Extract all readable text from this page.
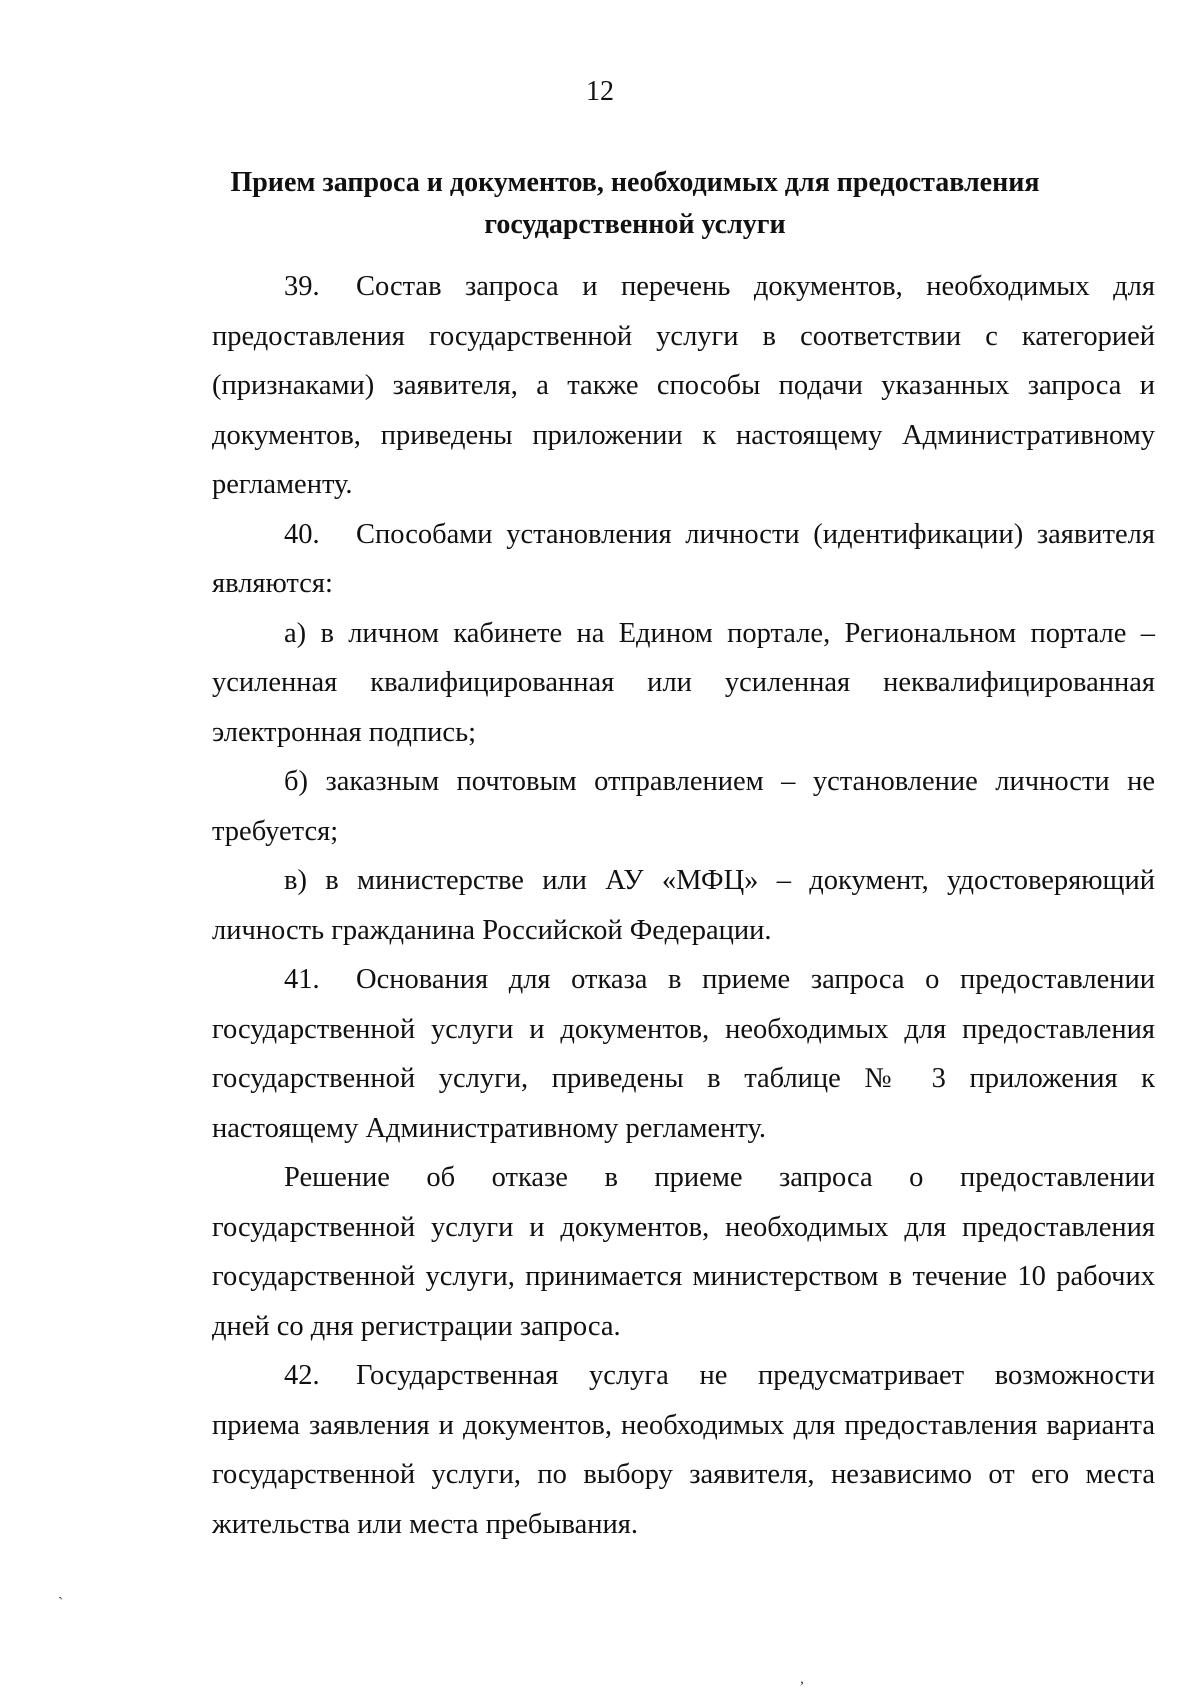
12
Прием запроса и документов, необходимых для предоставления
государственной услуги

39. Состав запроса и перечень документов, необходимых для предоставления государственной услуги в соответствии с категорией (признаками) заявителя, а также способы подачи указанных запроса и документов, приведены приложении к настоящему Административному регламенту.

40. Способами установления личности (идентификации) заявителя являются:

а) в личном кабинете на Едином портале, Региональном портале – усиленная квалифицированная или усиленная неквалифицированная электронная подпись;

б) заказным почтовым отправлением – установление личности не требуется;

в) в министерстве или АУ «МФЦ» – документ, удостоверяющий личность гражданина Российской Федерации.

41. Основания для отказа в приеме запроса о предоставлении государственной услуги и документов, необходимых для предоставления государственной услуги, приведены в таблице № 3 приложения к настоящему Административному регламенту.

Решение об отказе в приеме запроса о предоставлении государственной услуги и документов, необходимых для предоставления государственной услуги, принимается министерством в течение 10 рабочих дней со дня регистрации запроса.

42. Государственная услуга не предусматривает возможности приема заявления и документов, необходимых для предоставления варианта государственной услуги, по выбору заявителя, независимо от его места жительства или места пребывания.

ˋ
,
